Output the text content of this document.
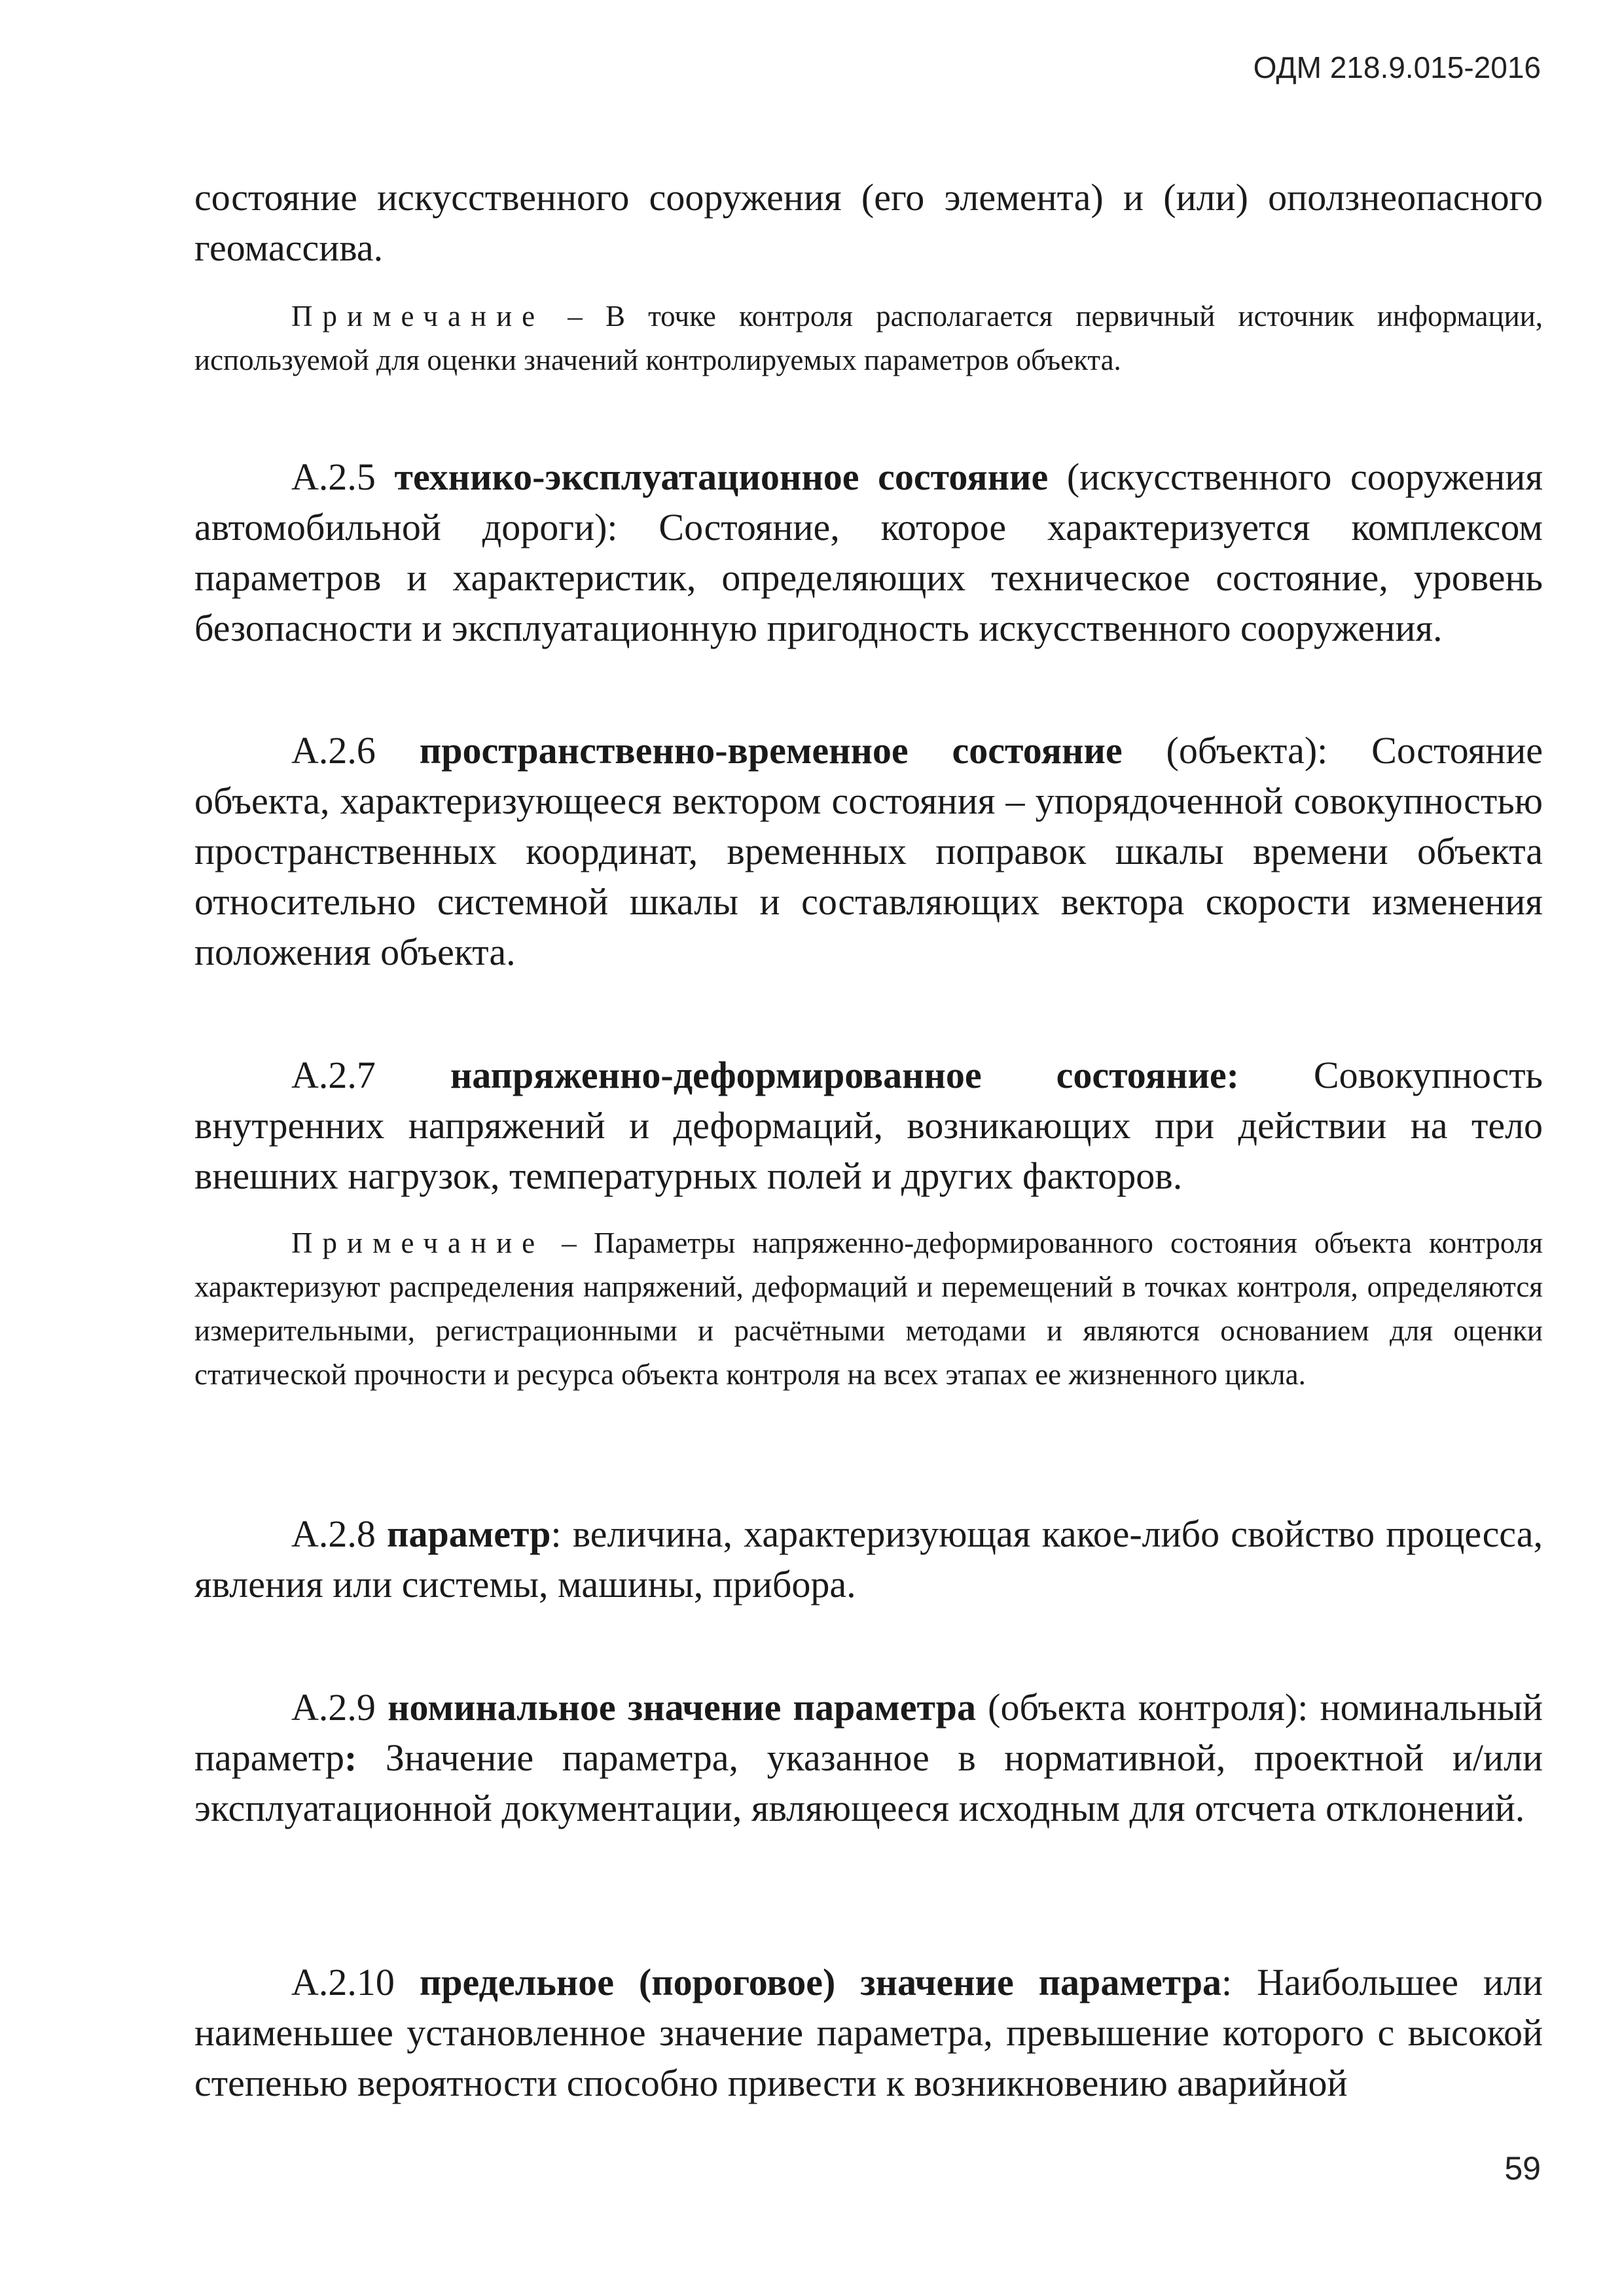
ОДМ 218.9.015-2016

состояние искусственного сооружения (его элемента) и (или) оползнеопасного геомассива.

Примечание – В точке контроля располагается первичный источник информации, используемой для оценки значений контролируемых параметров объекта.

А.2.5 технико-эксплуатационное состояние (искусственного сооружения автомобильной дороги): Состояние, которое характеризуется комплексом параметров и характеристик, определяющих техническое состояние, уровень безопасности и эксплуатационную пригодность искусственного сооружения.

А.2.6 пространственно-временное состояние (объекта): Состояние объекта, характеризующееся вектором состояния – упорядоченной совокупностью пространственных координат, временных поправок шкалы времени объекта относительно системной шкалы и составляющих вектора скорости изменения положения объекта.

А.2.7 напряженно-деформированное состояние: Совокупность внутренних напряжений и деформаций, возникающих при действии на тело внешних нагрузок, температурных полей и других факторов.

Примечание – Параметры напряженно-деформированного состояния объекта контроля характеризуют распределения напряжений, деформаций и перемещений в точках контроля, определяются измерительными, регистрационными и расчётными методами и являются основанием для оценки статической прочности и ресурса объекта контроля на всех этапах ее жизненного цикла.

А.2.8 параметр: величина, характеризующая какое-либо свойство процесса, явления или системы, машины, прибора.

А.2.9 номинальное значение параметра (объекта контроля): номинальный параметр: Значение параметра, указанное в нормативной, проектной и/или эксплуатационной документации, являющееся исходным для отсчета отклонений.

А.2.10 предельное (пороговое) значение параметра: Наибольшее или наименьшее установленное значение параметра, превышение которого с высокой степенью вероятности способно привести к возникновению аварийной

59
